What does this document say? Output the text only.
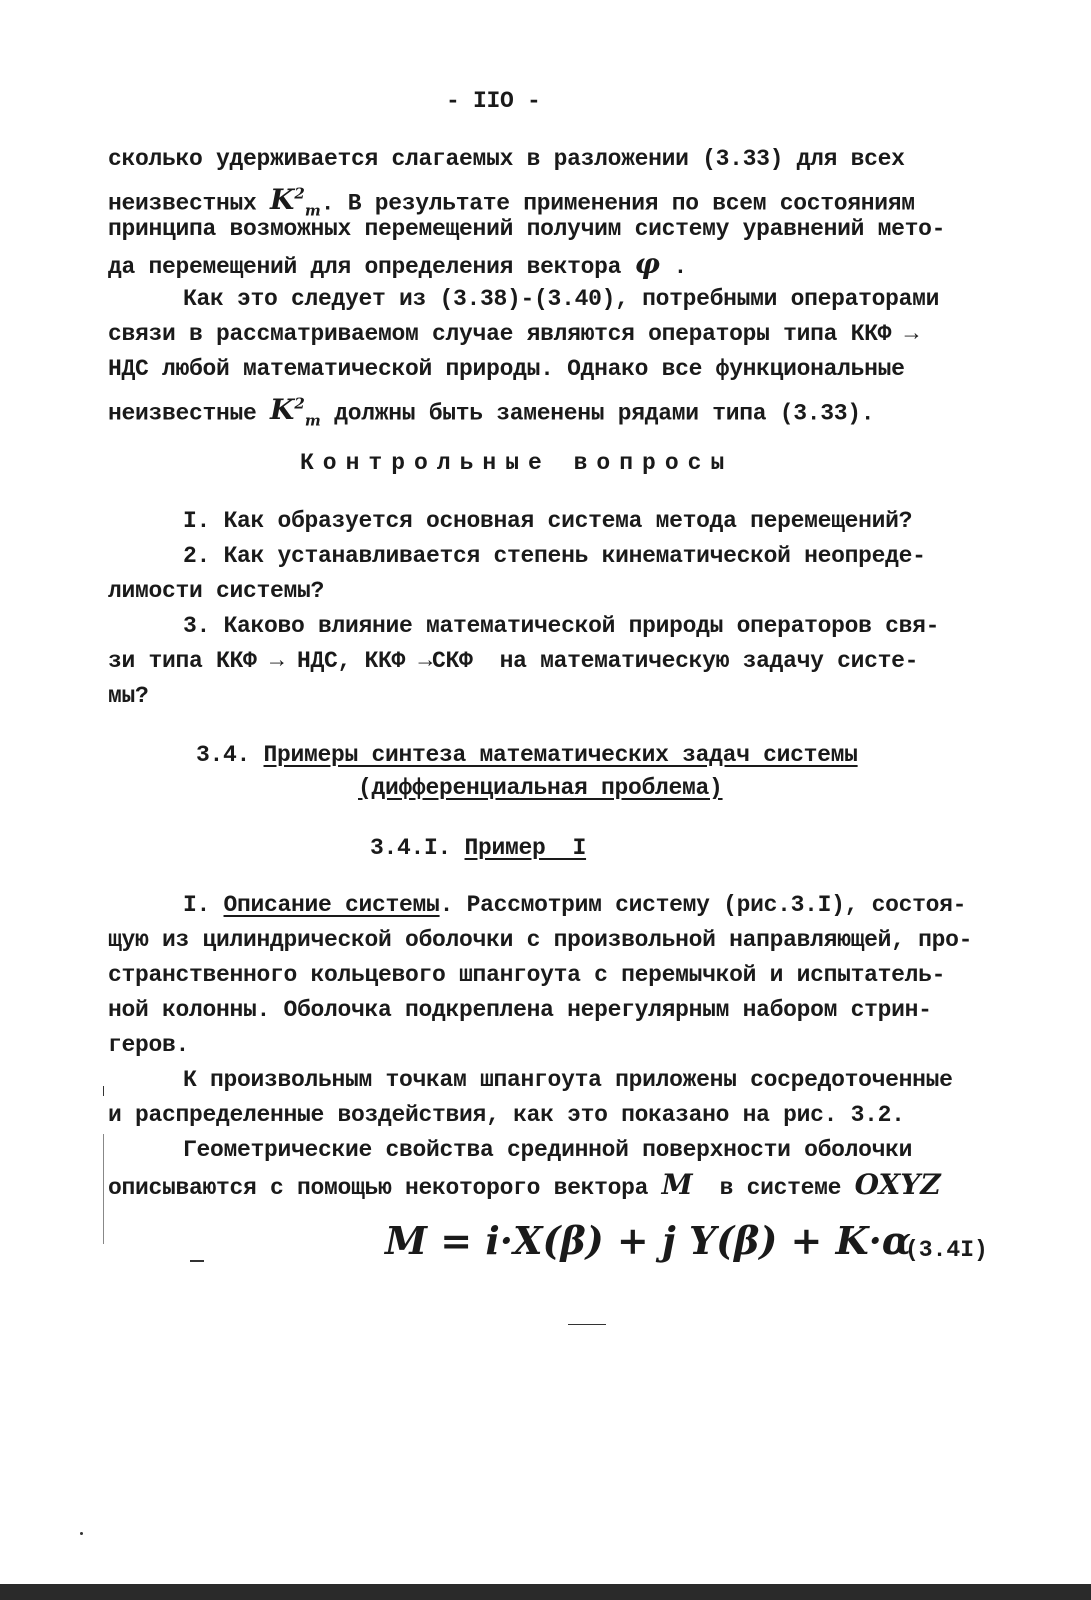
- IIO -
сколько удерживается слагаемых в разложении (3.33) для всех
неизвестных $K^2_m$. В результате применения по всем состояниям
принципа возможных перемещений получим систему уравнений мето-
да перемещений для определения вектора φ .
Как это следует из (3.38)-(3.40), потребными операторами
связи в рассматриваемом случае являются операторы типа ККФ →
НДС любой математической природы. Однако все функциональные
неизвестные $K^2_m$ должны быть заменены рядами типа (3.33).
Контрольные вопросы
I. Как образуется основная система метода перемещений?
2. Как устанавливается степень кинематической неопреде-
лимости системы?
3. Каково влияние математической природы операторов свя-
зи типа ККФ → НДС, ККФ →СКФ  на математическую задачу систе-
мы?
3.4. Примеры синтеза математических задач системы
(дифференциальная проблема)
3.4.I. Пример  I
I. Описание системы. Рассмотрим систему (рис.3.I), состоя-
щую из цилиндрической оболочки с произвольной направляющей, про-
странственного кольцевого шпангоута с перемычкой и испытатель-
ной колонны. Оболочка подкреплена нерегулярным набором стрин-
геров.
К произвольным точкам шпангоута приложены сосредоточенные
и распределенные воздействия, как это показано на рис. 3.2.
Геометрические свойства срединной поверхности оболочки
описываются с помощью некоторого вектора M  в системе OXYZ
M = i·X(β) + j Y(β) + K·α
(3.4I)
